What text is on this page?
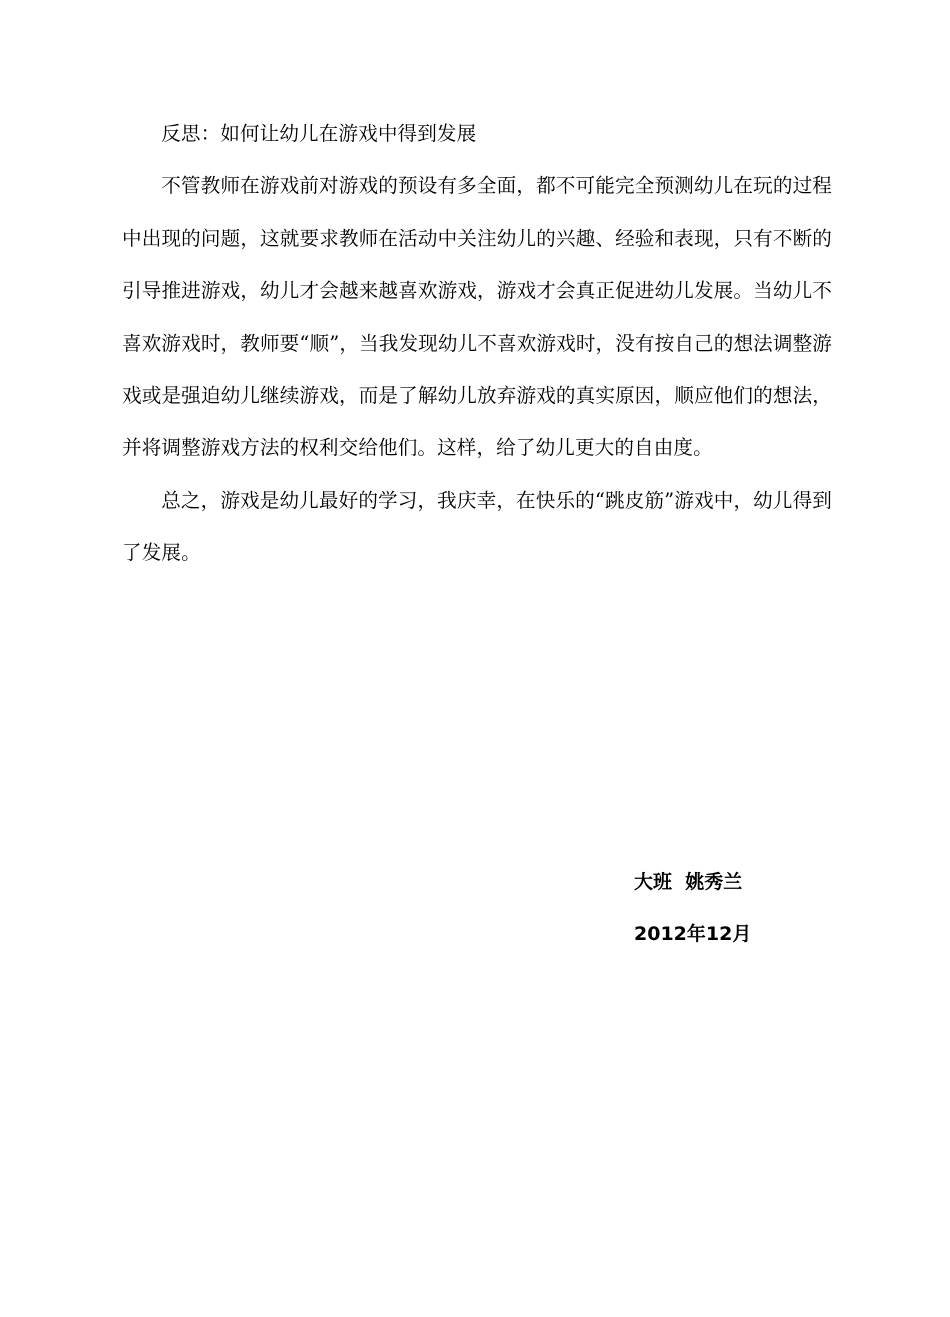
反思：如何让幼儿在游戏中得到发展

不管教师在游戏前对游戏的预设有多全面，都不可能完全预测幼儿在玩的过程中出现的问题，这就要求教师在活动中关注幼儿的兴趣、经验和表现，只有不断的引导推进游戏，幼儿才会越来越喜欢游戏，游戏才会真正促进幼儿发展。当幼儿不喜欢游戏时，教师要“顺”，当我发现幼儿不喜欢游戏时，没有按自己的想法调整游戏或是强迫幼儿继续游戏，而是了解幼儿放弃游戏的真实原因，顺应他们的想法，并将调整游戏方法的权利交给他们。这样，给了幼儿更大的自由度。

总之，游戏是幼儿最好的学习，我庆幸，在快乐的“跳皮筋”游戏中，幼儿得到了发展。

大班  姚秀兰
2012年12月
